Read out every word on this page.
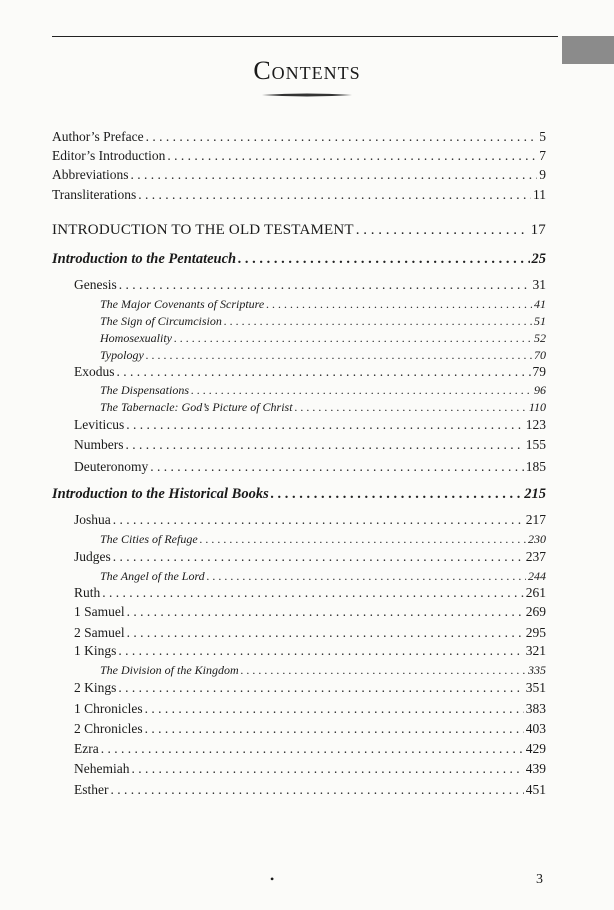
Contents
Author’s Preface . . .	5
Editor’s Introduction . . .	7
Abbreviations . . .	9
Transliterations . . .	11
INTRODUCTION TO THE OLD TESTAMENT . . .	17
Introduction to the Pentateuch . . .	25
Genesis . . .	31
The Major Covenants of Scripture . . .	41
The Sign of Circumcision . . .	51
Homosexuality . . .	52
Typology . . .	70
Exodus . . .	79
The Dispensations . . .	96
The Tabernacle: God’s Picture of Christ . . .	110
Leviticus . . .	123
Numbers . . .	155
Deuteronomy . . .	185
Introduction to the Historical Books . . .	215
Joshua . . .	217
The Cities of Refuge . . .	230
Judges . . .	237
The Angel of the Lord . . .	244
Ruth . . .	261
1 Samuel . . .	269
2 Samuel . . .	295
1 Kings . . .	321
The Division of the Kingdom . . .	335
2 Kings . . .	351
1 Chronicles . . .	383
2 Chronicles . . .	403
Ezra . . .	429
Nehemiah . . .	439
Esther . . .	451
•	3
